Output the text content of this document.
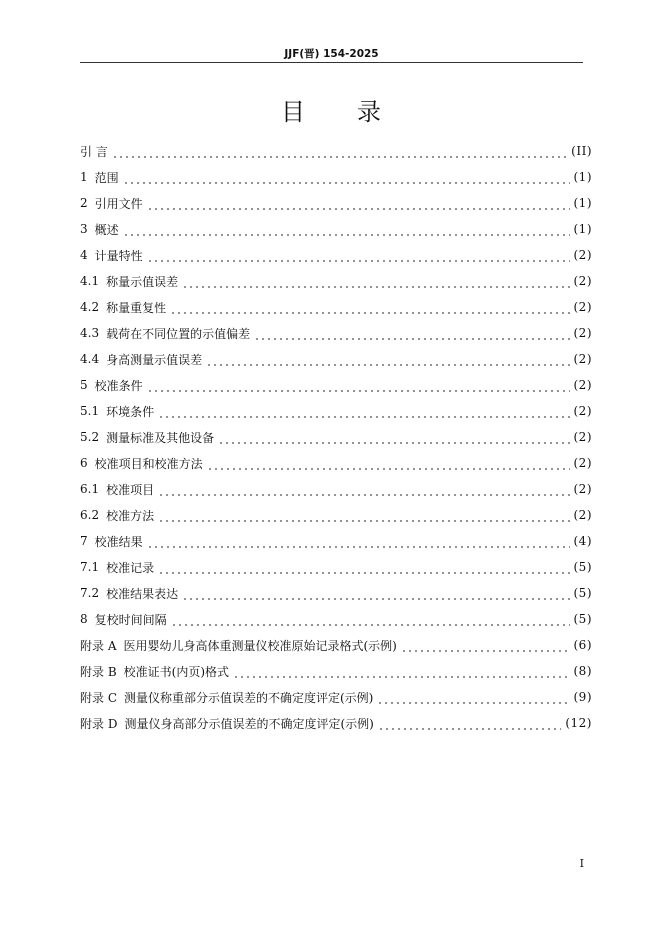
JJF(晋) 154-2025
目录
引 言	(II)
1 范围	(1)
2 引用文件	(1)
3 概述	(1)
4 计量特性	(2)
4.1 称量示值误差	(2)
4.2 称量重复性	(2)
4.3 载荷在不同位置的示值偏差	(2)
4.4 身高测量示值误差	(2)
5 校准条件	(2)
5.1 环境条件	(2)
5.2 测量标准及其他设备	(2)
6 校准项目和校准方法	(2)
6.1 校准项目	(2)
6.2 校准方法	(2)
7 校准结果	(4)
7.1 校准记录	(5)
7.2 校准结果表达	(5)
8 复校时间间隔	(5)
附录 A 医用婴幼儿身高体重测量仪校准原始记录格式(示例)	(6)
附录 B 校准证书(内页)格式	(8)
附录 C 测量仪称重部分示值误差的不确定度评定(示例)	(9)
附录 D 测量仪身高部分示值误差的不确定度评定(示例)	(12)
I
